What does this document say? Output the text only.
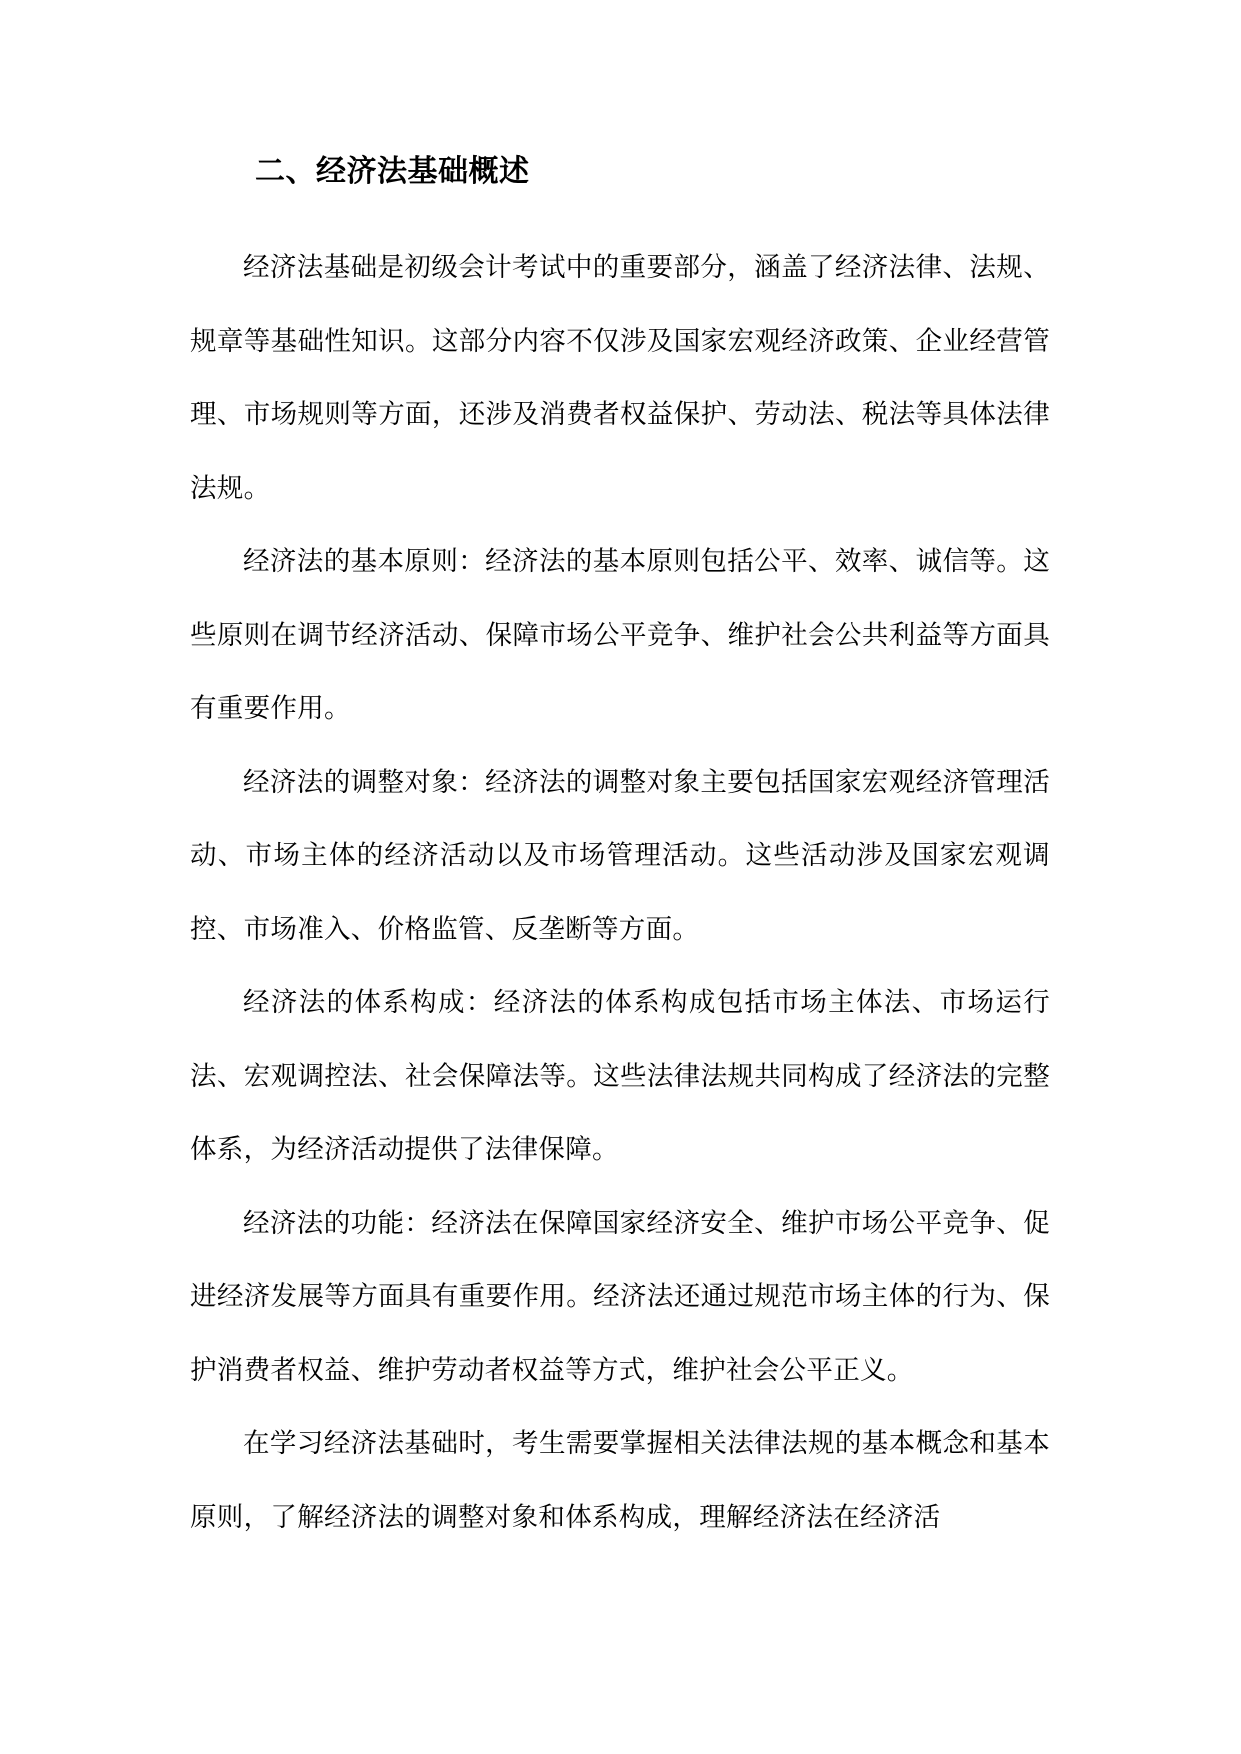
二、经济法基础概述

经济法基础是初级会计考试中的重要部分，涵盖了经济法律、法规、规章等基础性知识。这部分内容不仅涉及国家宏观经济政策、企业经营管理、市场规则等方面，还涉及消费者权益保护、劳动法、税法等具体法律法规。

经济法的基本原则：经济法的基本原则包括公平、效率、诚信等。这些原则在调节经济活动、保障市场公平竞争、维护社会公共利益等方面具有重要作用。

经济法的调整对象：经济法的调整对象主要包括国家宏观经济管理活动、市场主体的经济活动以及市场管理活动。这些活动涉及国家宏观调控、市场准入、价格监管、反垄断等方面。

经济法的体系构成：经济法的体系构成包括市场主体法、市场运行法、宏观调控法、社会保障法等。这些法律法规共同构成了经济法的完整体系，为经济活动提供了法律保障。

经济法的功能：经济法在保障国家经济安全、维护市场公平竞争、促进经济发展等方面具有重要作用。经济法还通过规范市场主体的行为、保护消费者权益、维护劳动者权益等方式，维护社会公平正义。

在学习经济法基础时，考生需要掌握相关法律法规的基本概念和基本原则，了解经济法的调整对象和体系构成，理解经济法在经济活
